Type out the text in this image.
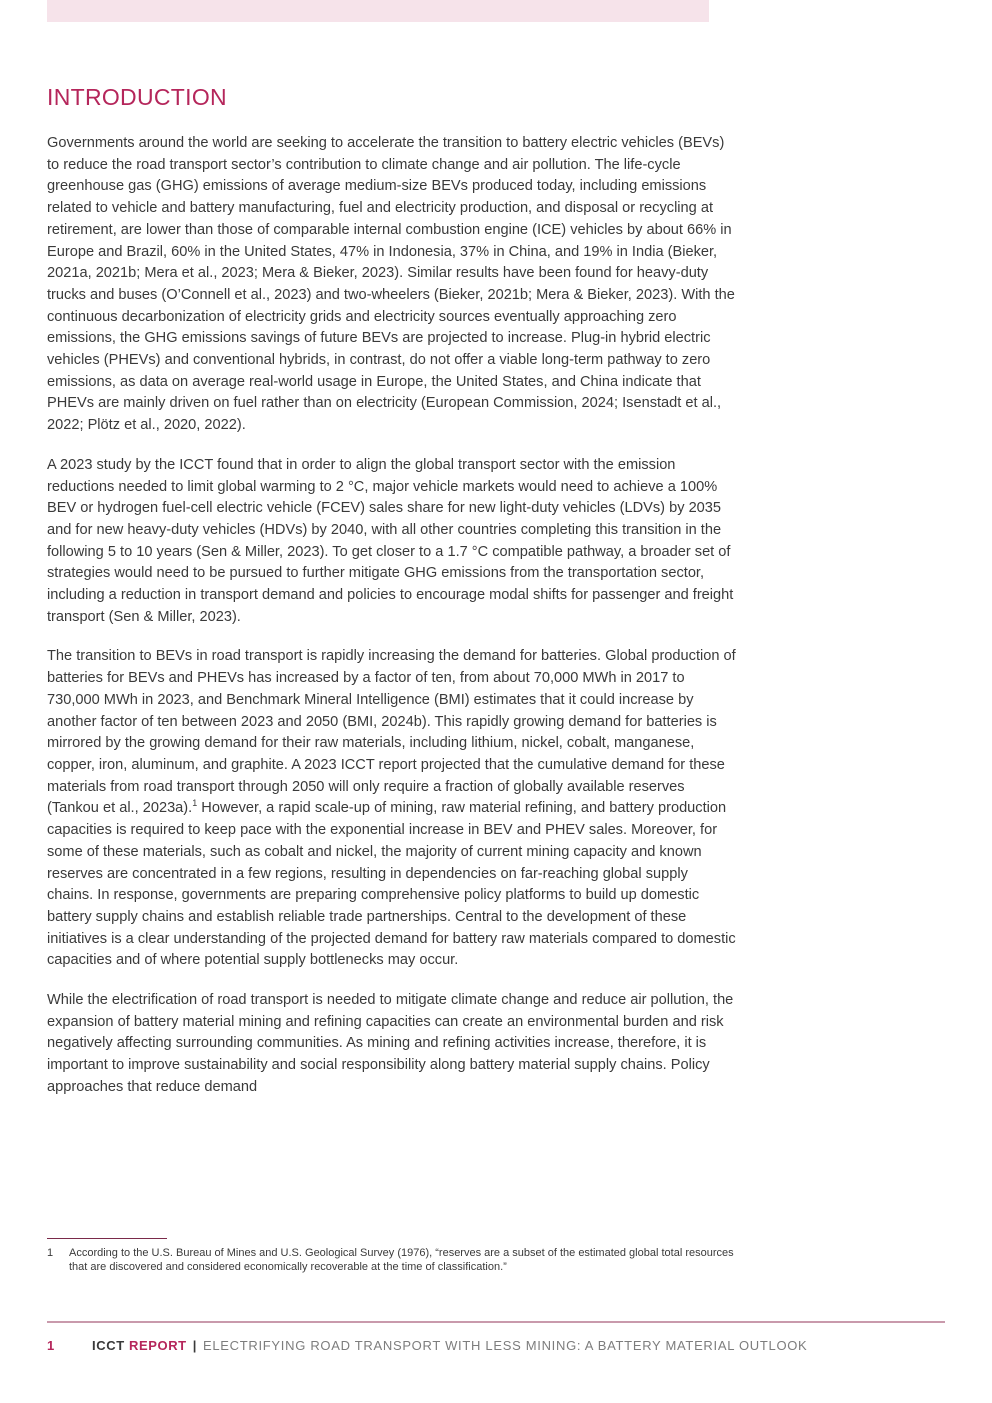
INTRODUCTION

Governments around the world are seeking to accelerate the transition to battery electric vehicles (BEVs) to reduce the road transport sector’s contribution to climate change and air pollution. The life-cycle greenhouse gas (GHG) emissions of average medium-size BEVs produced today, including emissions related to vehicle and battery manufacturing, fuel and electricity production, and disposal or recycling at retirement, are lower than those of comparable internal combustion engine (ICE) vehicles by about 66% in Europe and Brazil, 60% in the United States, 47% in Indonesia, 37% in China, and 19% in India (Bieker, 2021a, 2021b; Mera et al., 2023; Mera & Bieker, 2023). Similar results have been found for heavy-duty trucks and buses (O’Connell et al., 2023) and two-wheelers (Bieker, 2021b; Mera & Bieker, 2023). With the continuous decarbonization of electricity grids and electricity sources eventually approaching zero emissions, the GHG emissions savings of future BEVs are projected to increase. Plug-in hybrid electric vehicles (PHEVs) and conventional hybrids, in contrast, do not offer a viable long-term pathway to zero emissions, as data on average real-world usage in Europe, the United States, and China indicate that PHEVs are mainly driven on fuel rather than on electricity (European Commission, 2024; Isenstadt et al., 2022; Plötz et al., 2020, 2022).

A 2023 study by the ICCT found that in order to align the global transport sector with the emission reductions needed to limit global warming to 2 °C, major vehicle markets would need to achieve a 100% BEV or hydrogen fuel-cell electric vehicle (FCEV) sales share for new light-duty vehicles (LDVs) by 2035 and for new heavy-duty vehicles (HDVs) by 2040, with all other countries completing this transition in the following 5 to 10 years (Sen & Miller, 2023). To get closer to a 1.7 °C compatible pathway, a broader set of strategies would need to be pursued to further mitigate GHG emissions from the transportation sector, including a reduction in transport demand and policies to encourage modal shifts for passenger and freight transport (Sen & Miller, 2023).

The transition to BEVs in road transport is rapidly increasing the demand for batteries. Global production of batteries for BEVs and PHEVs has increased by a factor of ten, from about 70,000 MWh in 2017 to 730,000 MWh in 2023, and Benchmark Mineral Intelligence (BMI) estimates that it could increase by another factor of ten between 2023 and 2050 (BMI, 2024b). This rapidly growing demand for batteries is mirrored by the growing demand for their raw materials, including lithium, nickel, cobalt, manganese, copper, iron, aluminum, and graphite. A 2023 ICCT report projected that the cumulative demand for these materials from road transport through 2050 will only require a fraction of globally available reserves (Tankou et al., 2023a).$^1$ However, a rapid scale-up of mining, raw material refining, and battery production capacities is required to keep pace with the exponential increase in BEV and PHEV sales. Moreover, for some of these materials, such as cobalt and nickel, the majority of current mining capacity and known reserves are concentrated in a few regions, resulting in dependencies on far-reaching global supply chains. In response, governments are preparing comprehensive policy platforms to build up domestic battery supply chains and establish reliable trade partnerships. Central to the development of these initiatives is a clear understanding of the projected demand for battery raw materials compared to domestic capacities and of where potential supply bottlenecks may occur.

While the electrification of road transport is needed to mitigate climate change and reduce air pollution, the expansion of battery material mining and refining capacities can create an environmental burden and risk negatively affecting surrounding communities. As mining and refining activities increase, therefore, it is important to improve sustainability and social responsibility along battery material supply chains. Policy approaches that reduce demand

1	According to the U.S. Bureau of Mines and U.S. Geological Survey (1976), “reserves are a subset of the estimated global total resources that are discovered and considered economically recoverable at the time of classification.”
1	ICCT REPORT | ELECTRIFYING ROAD TRANSPORT WITH LESS MINING: A BATTERY MATERIAL OUTLOOK
